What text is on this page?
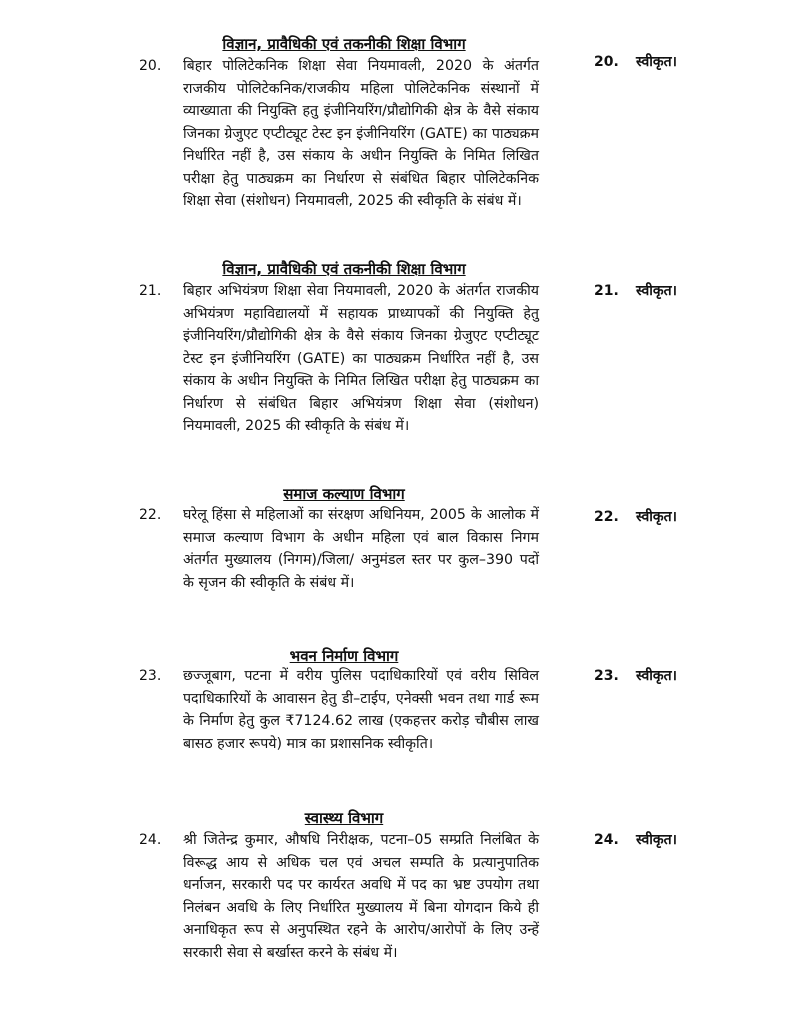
विज्ञान, प्रावैधिकी एवं तकनीकी शिक्षा विभाग
20. बिहार पोलिटेकनिक शिक्षा सेवा नियमावली, 2020 के अंतर्गत राजकीय पोलिटेकनिक/राजकीय महिला पोलिटेकनिक संस्थानों में व्याख्याता की नियुक्ति हतु इंजीनियरिंग/प्रौद्योगिकी क्षेत्र के वैसे संकाय जिनका ग्रेजुएट एप्टीट्यूट टेस्ट इन इंजीनियरिंग (GATE) का पाठ्यक्रम निर्धारित नहीं है, उस संकाय के अधीन नियुक्ति के निमित लिखित परीक्षा हेतु पाठ्यक्रम का निर्धारण से संबंधित बिहार पोलिटेकनिक शिक्षा सेवा (संशोधन) नियमावली, 2025 की स्वीकृति के संबंध में।
20. स्वीकृत।
विज्ञान, प्रावैधिकी एवं तकनीकी शिक्षा विभाग
21. बिहार अभियंत्रण शिक्षा सेवा नियमावली, 2020 के अंतर्गत राजकीय अभियंत्रण महाविद्यालयों में सहायक प्राध्यापकों की नियुक्ति हेतु इंजीनियरिंग/प्रौद्योगिकी क्षेत्र के वैसे संकाय जिनका ग्रेजुएट एप्टीट्यूट टेस्ट इन इंजीनियरिंग (GATE) का पाठ्यक्रम निर्धारित नहीं है, उस संकाय के अधीन नियुक्ति के निमित लिखित परीक्षा हेतु पाठ्यक्रम का निर्धारण से संबंधित बिहार अभियंत्रण शिक्षा सेवा (संशोधन) नियमावली, 2025 की स्वीकृति के संबंध में।
21. स्वीकृत।
समाज कल्याण विभाग
22. घरेलू हिंसा से महिलाओं का संरक्षण अधिनियम, 2005 के आलोक में समाज कल्याण विभाग के अधीन महिला एवं बाल विकास निगम अंतर्गत मुख्यालय (निगम)/जिला/ अनुमंडल स्तर पर कुल–390 पदों के सृजन की स्वीकृति के संबंध में।
22. स्वीकृत।
भवन निर्माण विभाग
23. छज्जूबाग, पटना में वरीय पुलिस पदाधिकारियों एवं वरीय सिविल पदाधिकारियों के आवासन हेतु डी–टाईप, एनेक्सी भवन तथा गार्ड रूम के निर्माण हेतु कुल ₹7124.62 लाख (एकहत्तर करोड़ चौबीस लाख बासठ हजार रूपये) मात्र का प्रशासनिक स्वीकृति।
23. स्वीकृत।
स्वास्थ्य विभाग
24. श्री जितेन्द्र कुमार, औषधि निरीक्षक, पटना–05 सम्प्रति निलंबित के विरूद्ध आय से अधिक चल एवं अचल सम्पति के प्रत्यानुपातिक धर्नाजन, सरकारी पद पर कार्यरत अवधि में पद का भ्रष्ट उपयोग तथा निलंबन अवधि के लिए निर्धारित मुख्यालय में बिना योगदान किये ही अनाधिकृत रूप से अनुपस्थित रहने के आरोप/आरोपों के लिए उन्हें सरकारी सेवा से बर्खास्त करने के संबंध में।
24. स्वीकृत।
